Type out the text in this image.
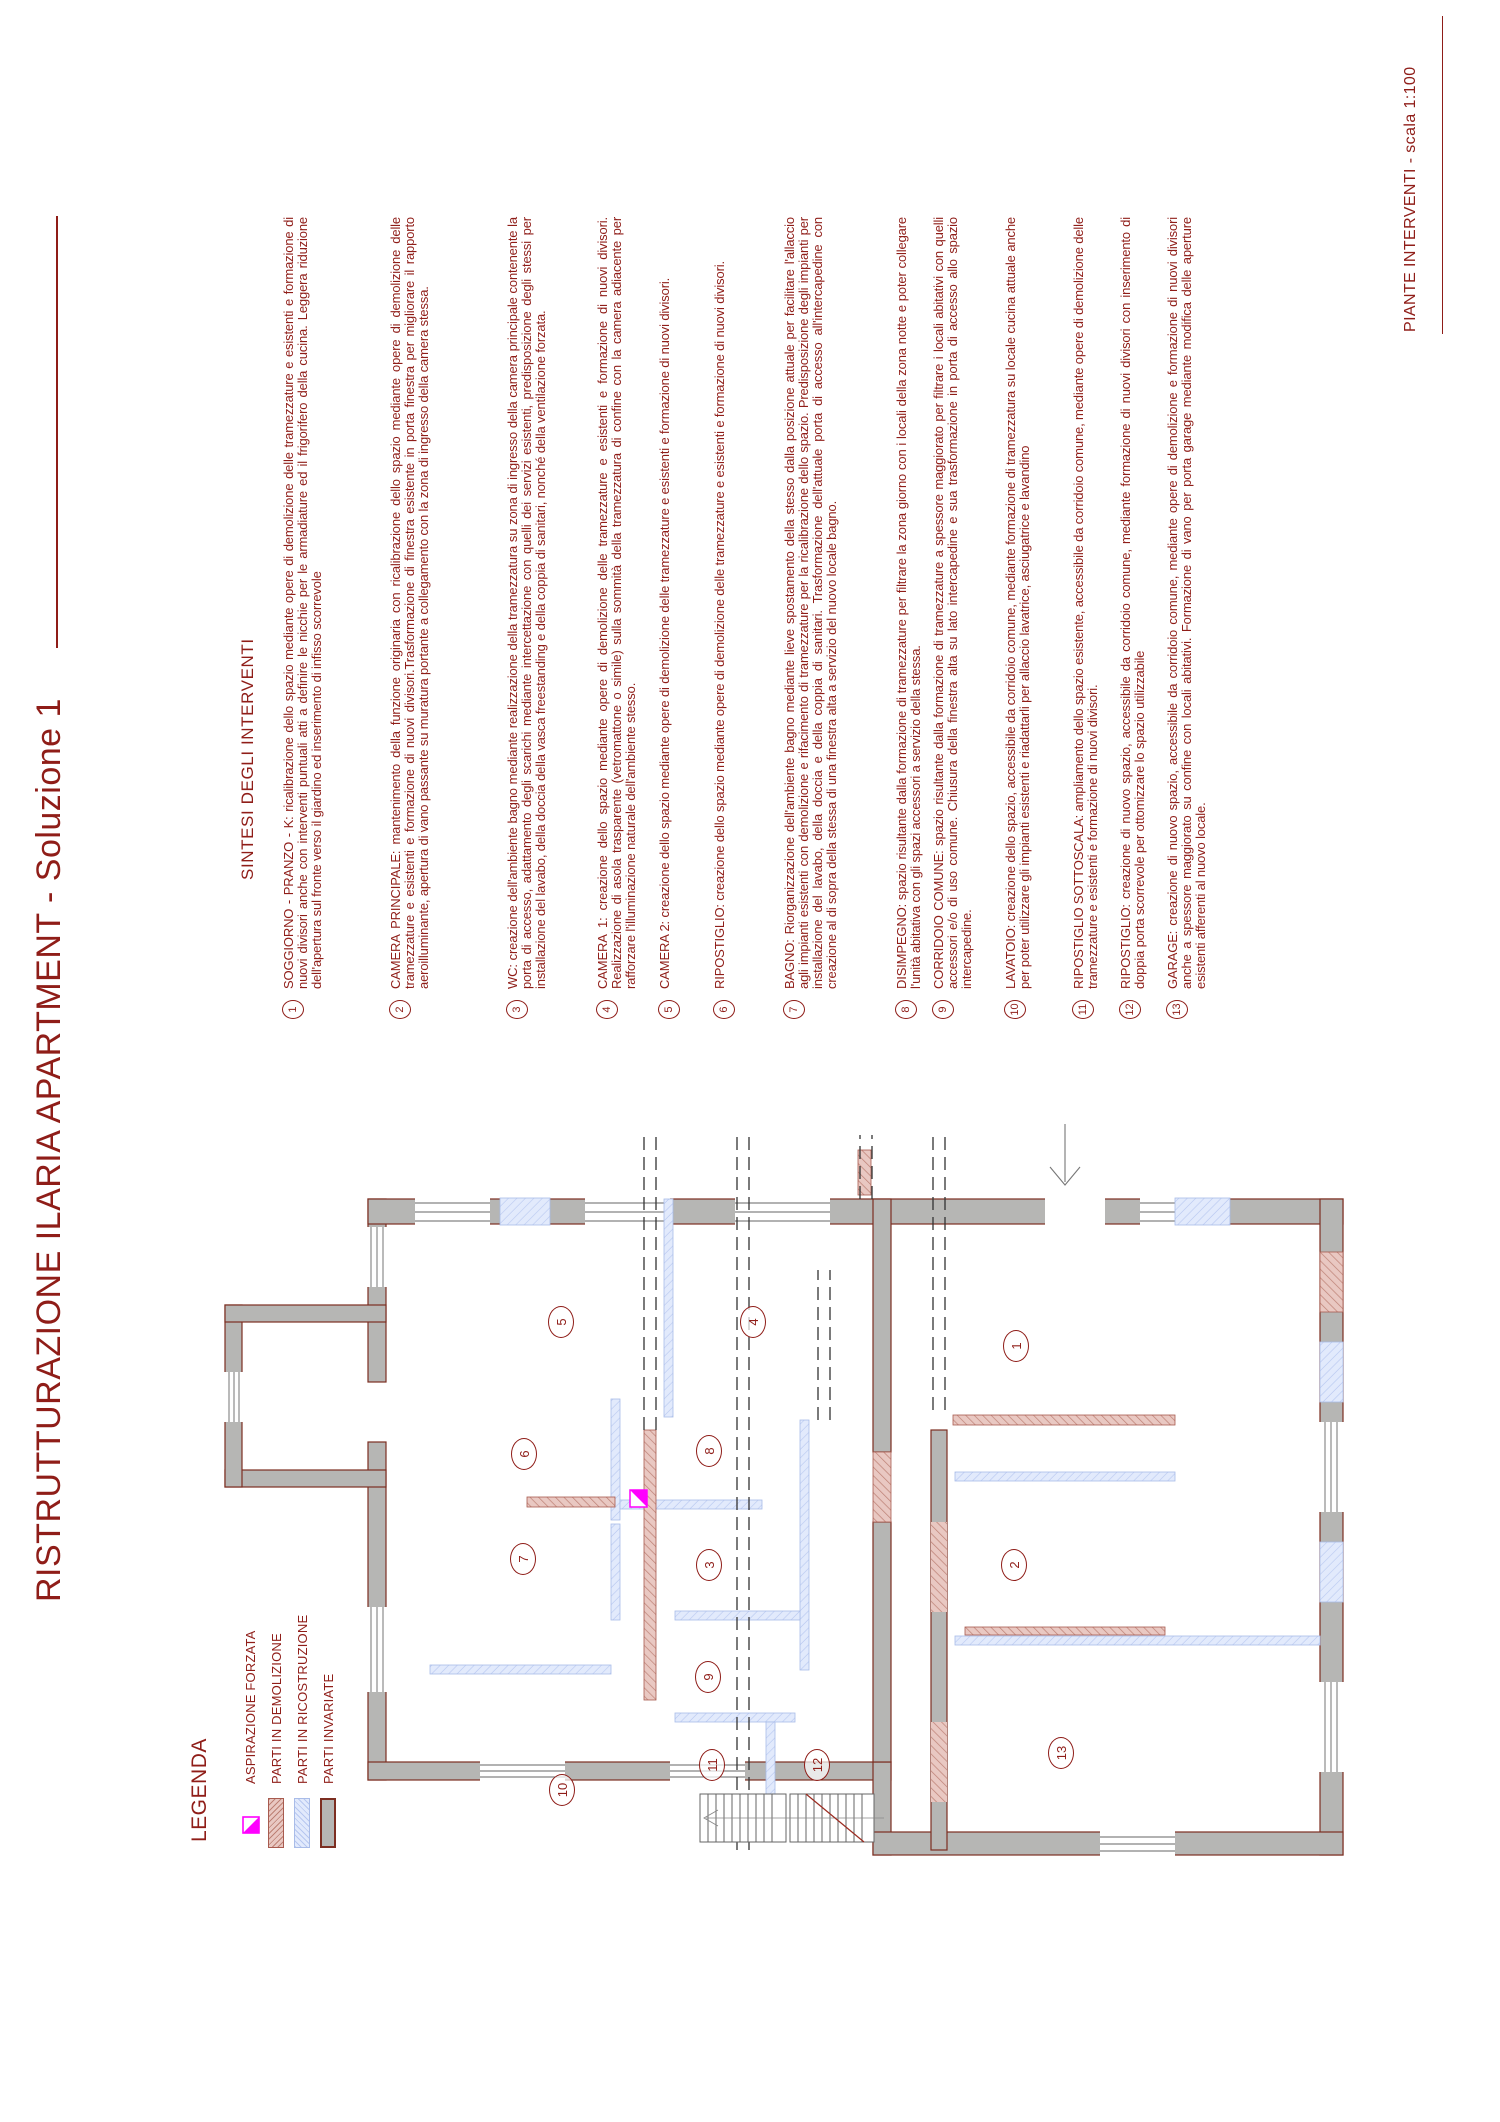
RISTRUTTURAZIONE ILARIA APARTMENT - Soluzione 1
LEGENDA
ASPIRAZIONE FORZATA PARTI IN DEMOLIZIONE PARTI IN RICOSTRUZIONE PARTI INVARIATE
SINTESI DEGLI INTERVENTI
1
SOGGIORNO - PRANZO - K: ricalibrazione dello spazio mediante opere di demolizione delle tramezzature e esistenti e formazione di nuovi divisori anche con interventi puntuali atti a definire le nicchie per le armadiature ed il frigorifero della cucina. Leggera riduzione dell'apertura sul fronte verso il giardino ed inserimento di infisso scorrevole
2
CAMERA PRINCIPALE: mantenimento della funzione originaria con ricalibrazione dello spazio mediante opere di demolizione delle tramezzature e esistenti e formazione di nuovi divisori.Trasformazione di finestra esistente in porta finestra per migliorare il rapporto aeroilluminante, apertura di vano passante su muratura portante a collegamento con la zona di ingresso della camera stessa.
3
WC: creazione dell'ambiente bagno mediante realizzazione della tramezzatura su zona di ingresso della camera principale contenente la porta di accesso, adattamento degli scarichi mediante intercettazione con quelli dei servizi esistenti, predisposizione degli stessi per installazione del lavabo, della doccia della vasca freestanding e della coppia di sanitari, nonché della ventilazione forzata.
4
CAMERA 1: creazione dello spazio mediante opere di demolizione delle tramezzature e esistenti e formazione di nuovi divisori. Realizzazione di asola trasparente (vetromattone o simile) sulla sommità della tramezzatura di confine con la camera adiacente per rafforzare l'illuminazione naturale dell'ambiente stesso.
5
CAMERA 2: creazione dello spazio mediante opere di demolizione delle tramezzature e esistenti e formazione di nuovi divisori.
6
RIPOSTIGLIO: creazione dello spazio mediante opere di demolizione delle tramezzature e esistenti e formazione di nuovi divisori.
7
BAGNO: Riorganizzazione dell'ambiente bagno mediante lieve spostamento della stesso dalla posizione attuale per facilitare l'allaccio agli impianti esistenti con demolizione e rifacimento di tramezzature per la ricalibrazione dello spazio. Predisposizione degli impianti per installazione del lavabo, della doccia e della coppia di sanitari. Trasformazione dell'attuale porta di accesso all'intercapedine con creazione al di sopra della stessa di una finestra alta a servizio del nuovo locale bagno.
8
DISIMPEGNO: spazio risultante dalla formazione di tramezzature per filtrare la zona giorno con i locali della zona notte e poter collegare l'unità abitativa con gli spazi accessori a servizio della stessa.
9
CORRIDOIO COMUNE: spazio risultante dalla formazione di tramezzature a spessore maggiorato per filtrare i locali abitativi con quelli accessori e/o di uso comune. Chiusura della finestra alta su lato intercapedine e sua trasformazione in porta di accesso allo spazio intercapedine.
10
LAVATOIO: creazione dello spazio, accessibile da corridoio comune, mediante formazione di tramezzatura su locale cucina attuale anche per poter utilizzare gli impianti esistenti e riadattarli per allaccio lavatrice, asciugatrice e lavandino
11
RIPOSTIGLIO SOTTOSCALA: ampliamento dello spazio esistente, accessibile da corridoio comune, mediante opere di demolizione delle tramezzature e esistenti e formazione di nuovi divisori.
12
RIPOSTIGLIO: creazione di nuovo spazio, accessibile da corridoio comune, mediante formazione di nuovi divisori con inserimento di doppia porta scorrevole per ottomizzare lo spazio utilizzabile
13
GARAGE: creazione di nuovo spazio, accessibile da corridoio comune, mediante opere di demolizione e formazione di nuovi divisori anche a spessore maggiorato su confine con locali abitativi. Formazione di vano per porta garage mediante modifica delle aperture esistenti afferenti al nuovo locale.
PIANTE INTERVENTI - scala 1:100
1
2
3
4
5
6
7
8
9
10
11	12
13
